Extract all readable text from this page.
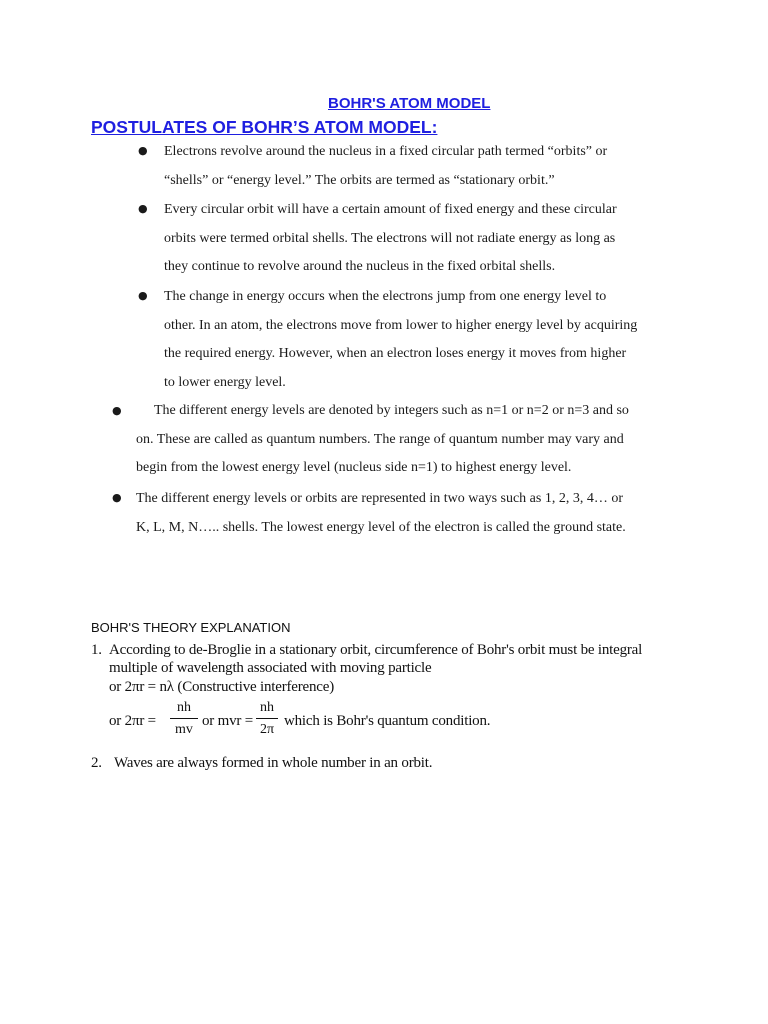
BOHR'S ATOM MODEL
POSTULATES OF BOHR’S ATOM MODEL:
● Electrons revolve around the nucleus in a fixed circular path termed “orbits” or
“shells” or “energy level.” The orbits are termed as “stationary orbit.”
● Every circular orbit will have a certain amount of fixed energy and these circular
orbits were termed orbital shells. The electrons will not radiate energy as long as
they continue to revolve around the nucleus in the fixed orbital shells.
● The change in energy occurs when the electrons jump from one energy level to
other. In an atom, the electrons move from lower to higher energy level by acquiring
the required energy. However, when an electron loses energy it moves from higher
to lower energy level.
●	The different energy levels are denoted by integers such as n=1 or n=2 or n=3 and so
on. These are called as quantum numbers. The range of quantum number may vary and
begin from the lowest energy level (nucleus side n=1) to highest energy level.
● The different energy levels or orbits are represented in two ways such as 1, 2, 3, 4… or
K, L, M, N….. shells. The lowest energy level of the electron is called the ground state.
BOHR'S THEORY EXPLANATION
1. According to de-Broglie in a stationary orbit, circumference of Bohr's orbit must be integral
multiple of wavelength associated with moving particle
or 2πr = nλ (Constructive interference)
or 2πr =
nh
mv
or mvr =
nh
2π
which is Bohr's quantum condition.
2. Waves are always formed in whole number in an orbit.
